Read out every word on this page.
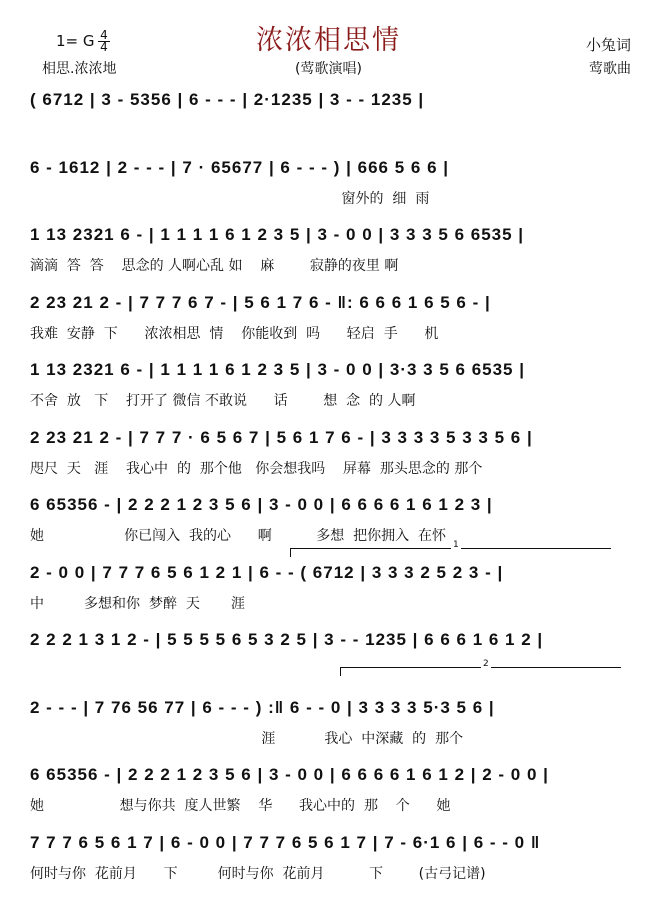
浓浓相思情
1= G 4
4	小兔词
相思.浓浓地	(莺歌演唱)	莺歌曲
1
2
( 6712 | 3 - 5356 | 6 - - - | 2·1235 | 3 - - 1235 |
6 - 1612 | 2 - - - | 7 · 65677 | 6 - - - ) | 666 5 6 6 |
窗外的  细  雨
1 13 2321 6 - | 1 1 1 1 6 1 2 3 5 | 3 - 0 0 | 3 3 3 5 6 6535 |
滴滴  答  答    思念的 人啊心乱 如    麻        寂静的夜里 啊
2 23 21 2 - | 7 7 7 6 7 - | 5 6 1 7 6 - ‖: 6 6 6 1 6 5 6 - |
我难  安静  下      浓浓相思  情    你能收到  吗      轻启  手      机
1 13 2321 6 - | 1 1 1 1 6 1 2 3 5 | 3 - 0 0 | 3·3 3 5 6 6535 |
不舍  放   下    打开了 微信 不敢说      话        想  念  的 人啊
2 23 21 2 - | 7 7 7 · 6 5 6 7 | 5 6 1 7 6 - | 3 3 3 3 5 3 3 5 6 |
咫尺  天   涯    我心中  的  那个他   你会想我吗    屏幕  那头思念的 那个
6 65356 - | 2 2 2 1 2 3 5 6 | 3 - 0 0 | 6 6 6 6 1 6 1 2 3 |
她                  你已闯入  我的心      啊          多想  把你拥入  在怀
2 - 0 0 | 7 7 7 6 5 6 1 2 1 | 6 - - ( 6712 | 3 3 3 2 5 2 3 - |
中         多想和你  梦醉  天       涯
2 2 2 1 3 1 2 - | 5 5 5 5 6 5 3 2 5 | 3 - - 1235 | 6 6 6 1 6 1 2 |
2 - - - | 7 76 56 77 | 6 - - - ) :‖ 6 - - 0 | 3 3 3 3 5·3 5 6 |
涯           我心  中深藏  的  那个
6 65356 - | 2 2 2 1 2 3 5 6 | 3 - 0 0 | 6 6 6 6 1 6 1 2 | 2 - 0 0 |
她                 想与你共  度人世繁    华      我心中的  那    个      她
7 7 7 6 5 6 1 7 | 6 - 0 0 | 7 7 7 6 5 6 1 7 | 7 - 6·1 6 | 6 - - 0 ‖
何时与你  花前月      下         何时与你  花前月          下        (古弓记谱)
